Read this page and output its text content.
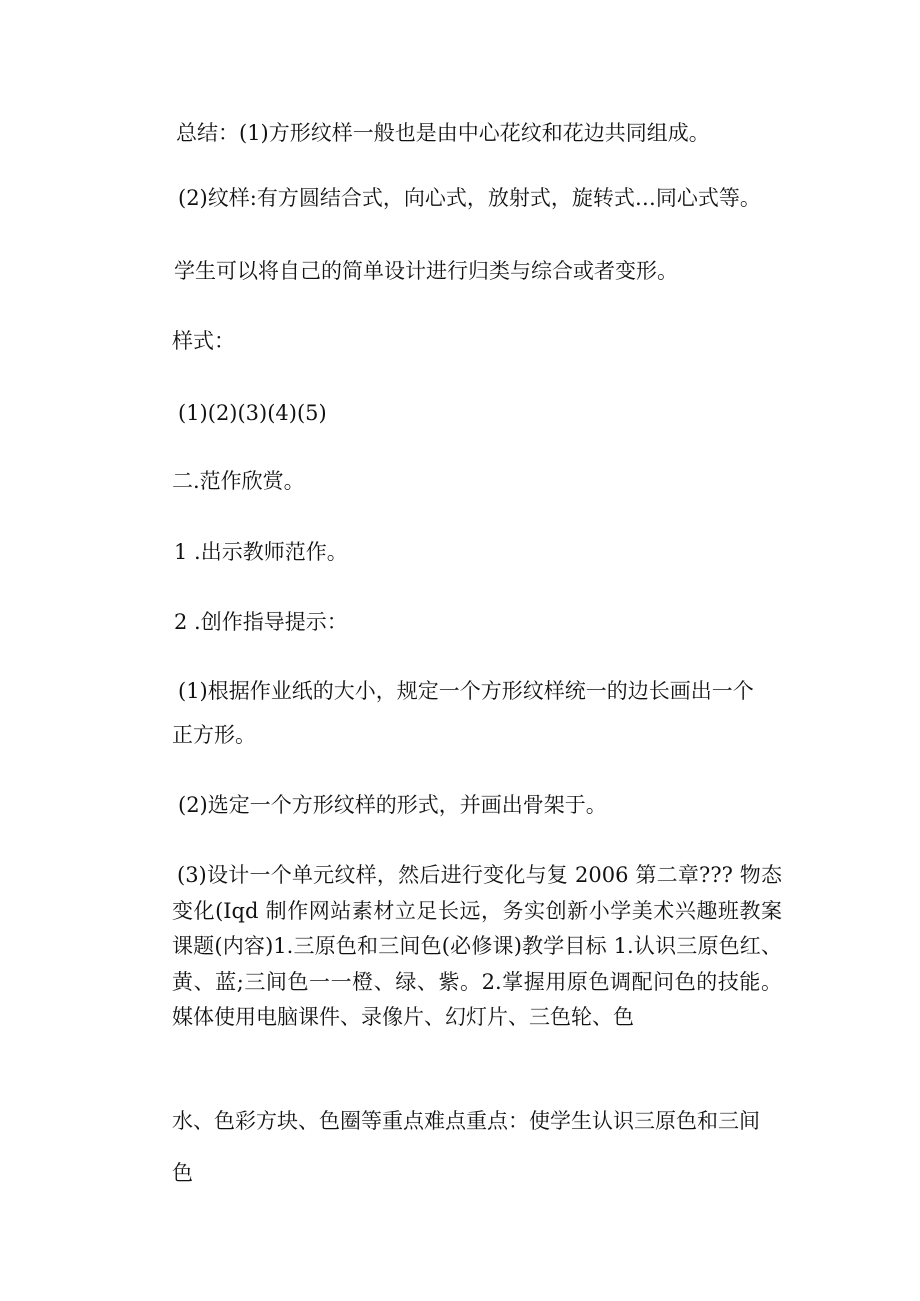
总结：(1)方形纹样一般也是由中心花纹和花边共同组成。

(2)纹样:有方圆结合式，向心式，放射式，旋转式…同心式等。

学生可以将自己的简单设计进行归类与综合或者变形。

样式：

(1)(2)(3)(4)(5)

二.范作欣赏。

1 .出示教师范作。

2 .创作指导提示：

(1)根据作业纸的大小，规定一个方形纹样统一的边长画出一个

正方形。

(2)选定一个方形纹样的形式，并画出骨架于。

(3)设计一个单元纹样，然后进行变化与复 2006 第二章??? 物态变化(Iqd 制作网站素材立足长远，务实创新小学美术兴趣班教案课题(内容)1.三原色和三间色(必修课)教学目标 1.认识三原色红、黄、蓝;三间色一一橙、绿、紫。2.掌握用原色调配问色的技能。媒体使用电脑课件、录像片、幻灯片、三色轮、色

水、色彩方块、色圈等重点难点重点：使学生认识三原色和三间

色
